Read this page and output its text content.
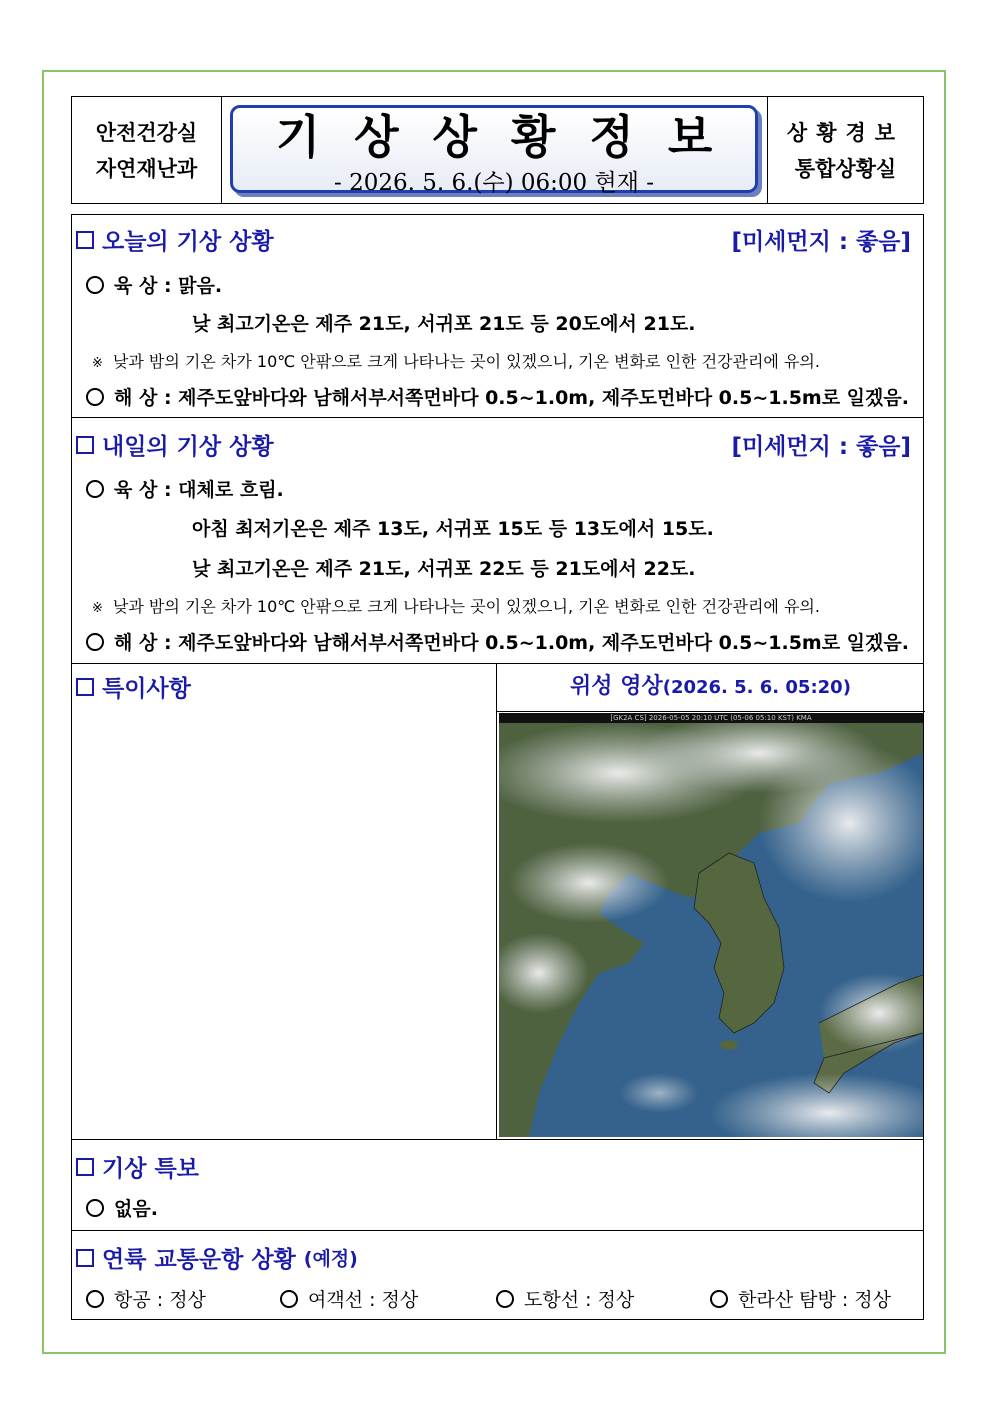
안전건강실
자연재난과
기상상황정보
- 2026. 5. 6.(수) 06:00 현재 -
상황경보
통합상황실
오늘의 기상 상황	[미세먼지 : 좋음]
육 상 : 맑음.
낮 최고기온은 제주 21도, 서귀포 21도 등 20도에서 21도.
※ 낮과 밤의 기온 차가 10℃ 안팎으로 크게 나타나는 곳이 있겠으니, 기온 변화로 인한 건강관리에 유의.
해 상 : 제주도앞바다와 남해서부서쪽먼바다 0.5~1.0m, 제주도먼바다 0.5~1.5m로 일겠음.
내일의 기상 상황	[미세먼지 : 좋음]
육 상 : 대체로 흐림.
아침 최저기온은 제주 13도, 서귀포 15도 등 13도에서 15도.
낮 최고기온은 제주 21도, 서귀포 22도 등 21도에서 22도.
※ 낮과 밤의 기온 차가 10℃ 안팎으로 크게 나타나는 곳이 있겠으니, 기온 변화로 인한 건강관리에 유의.
해 상 : 제주도앞바다와 남해서부서쪽먼바다 0.5~1.0m, 제주도먼바다 0.5~1.5m로 일겠음.
특이사항	위성 영상(2026. 5. 6. 05:20)
[GK2A CS] 2026-05-05 20:10 UTC (05-06 05:10 KST) KMA
기상 특보
없음.
연륙 교통운항 상황 (예정)
항공 : 정상	여객선 : 정상	도항선 : 정상	한라산 탐방 : 정상
